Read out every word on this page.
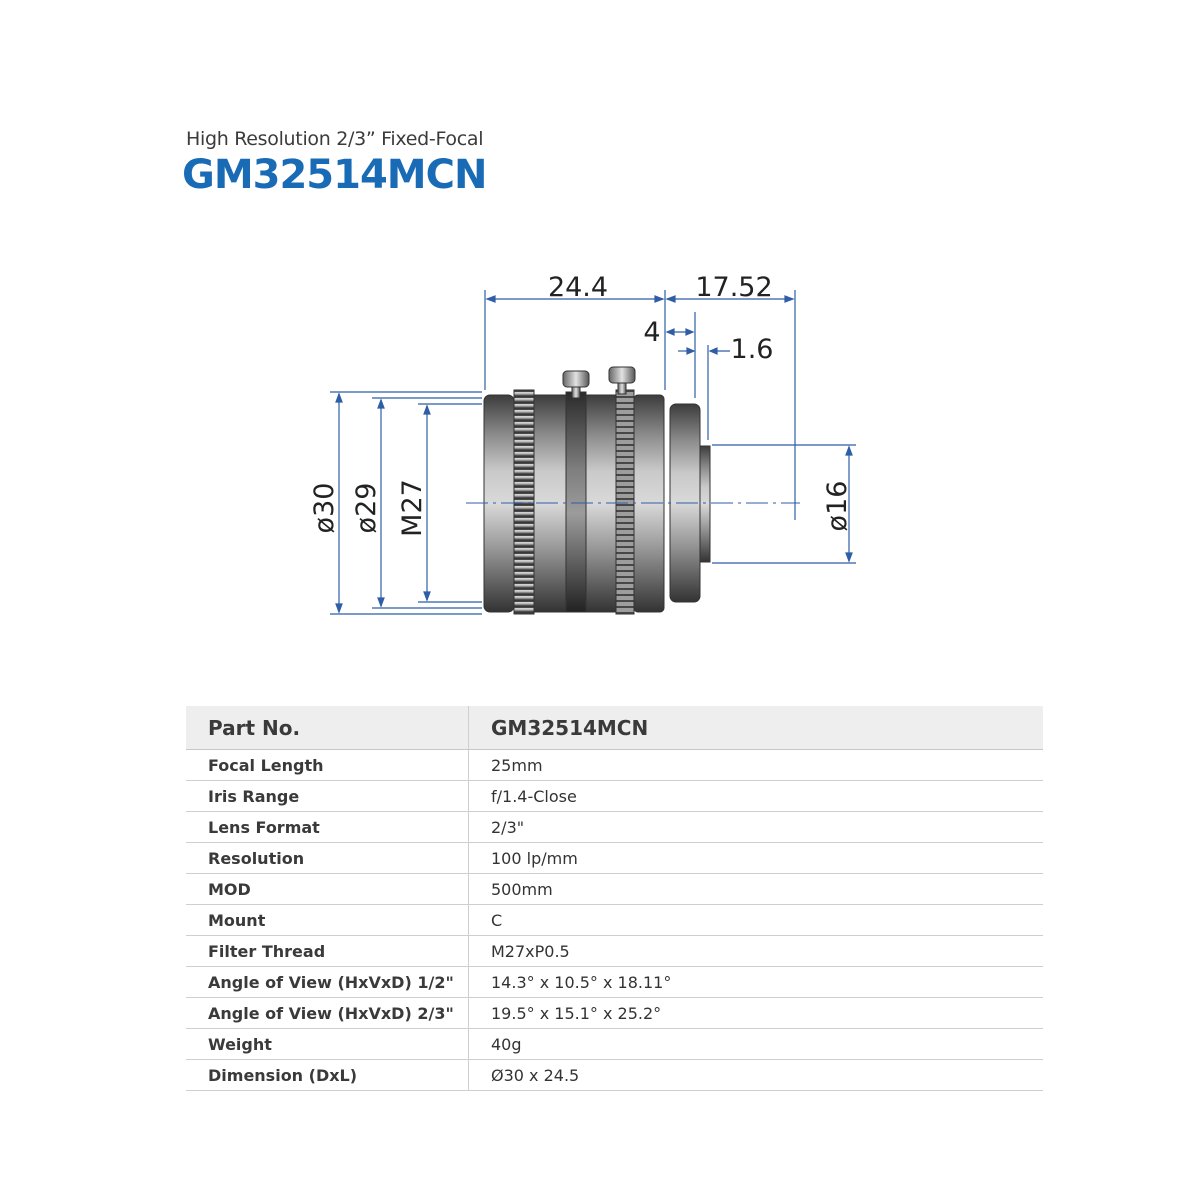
High Resolution 2/3” Fixed-Focal
GM32514MCN
24.4	17.52
4
1.6
ø30 ø29 M27	ø16
Part No.	GM32514MCN
Focal Length	25mm
Iris Range	f/1.4-Close
Lens Format	2/3"
Resolution	100 lp/mm
MOD	500mm
Mount	C
Filter Thread	M27xP0.5
Angle of View (HxVxD) 1/2"	14.3° x 10.5° x 18.11°
Angle of View (HxVxD) 2/3"	19.5° x 15.1° x 25.2°
Weight	40g
Dimension (DxL)	Ø30 x 24.5
